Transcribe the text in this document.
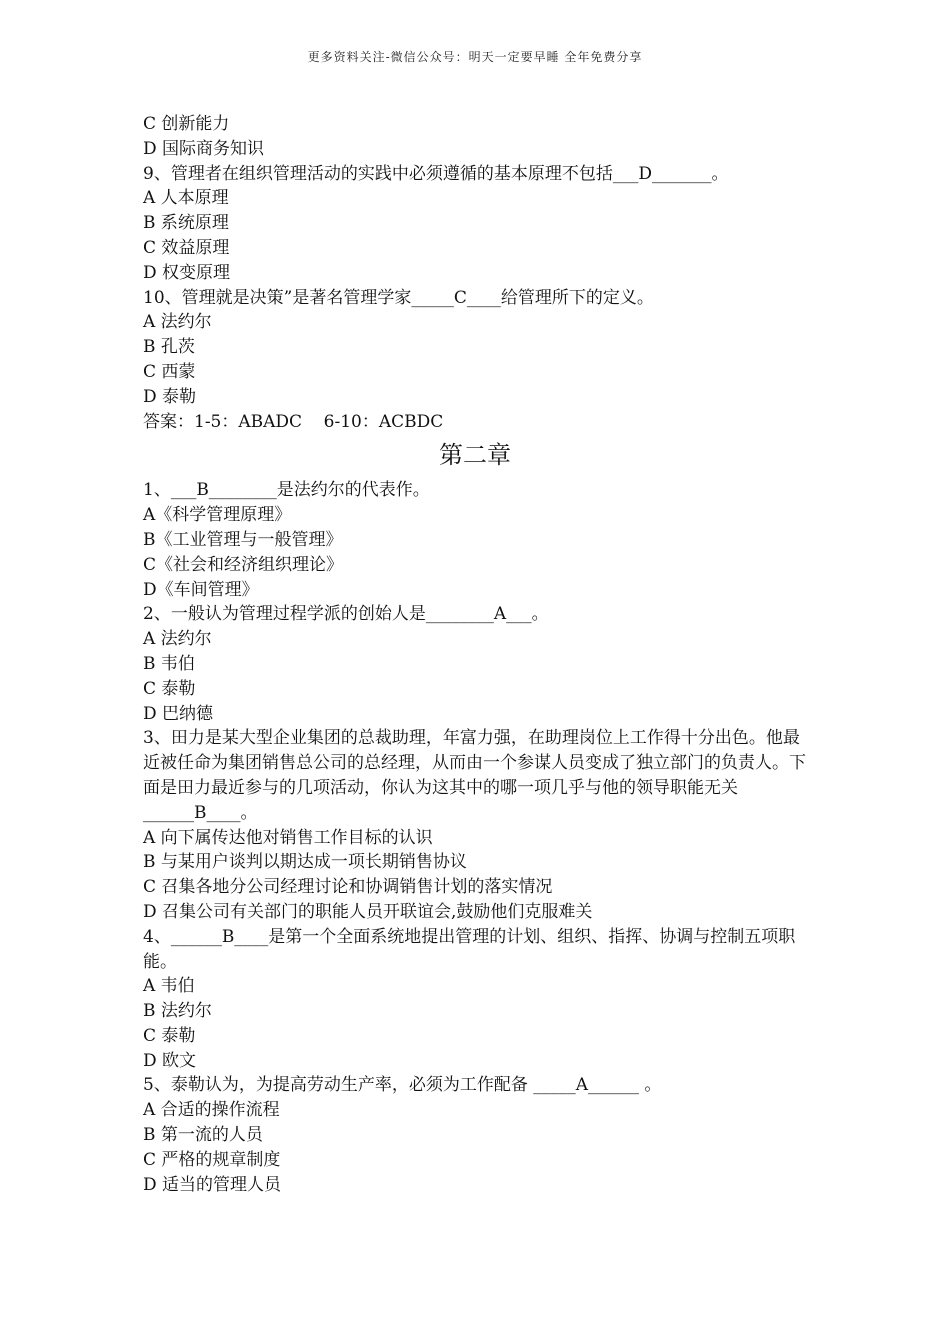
更多资料关注-微信公众号：明天一定要早睡 全年免费分享
C 创新能力
D 国际商务知识
9、管理者在组织管理活动的实践中必须遵循的基本原理不包括___D_______。
A 人本原理
B 系统原理
C 效益原理
D 权变原理
10、管理就是决策”是著名管理学家_____C____给管理所下的定义。
A 法约尔
B 孔茨
C 西蒙
D 泰勒
答案：1-5：ABADC    6-10：ACBDC
第二章
1、___B________是法约尔的代表作。
A《科学管理原理》
B《工业管理与一般管理》
C《社会和经济组织理论》
D《车间管理》
2、一般认为管理过程学派的创始人是________A___。
A 法约尔
B 韦伯
C 泰勒
D 巴纳德
3、田力是某大型企业集团的总裁助理，年富力强，在助理岗位上工作得十分出色。他最近被任命为集团销售总公司的总经理，从而由一个参谋人员变成了独立部门的负责人。下面是田力最近参与的几项活动，你认为这其中的哪一项几乎与他的领导职能无关______B____。
A 向下属传达他对销售工作目标的认识
B 与某用户谈判以期达成一项长期销售协议
C 召集各地分公司经理讨论和协调销售计划的落实情况
D 召集公司有关部门的职能人员开联谊会,鼓励他们克服难关
4、______B____是第一个全面系统地提出管理的计划、组织、指挥、协调与控制五项职能。
A 韦伯
B 法约尔
C 泰勒
D 欧文
5、泰勒认为，为提高劳动生产率，必须为工作配备 _____A______ 。
A 合适的操作流程
B 第一流的人员
C 严格的规章制度
D 适当的管理人员
